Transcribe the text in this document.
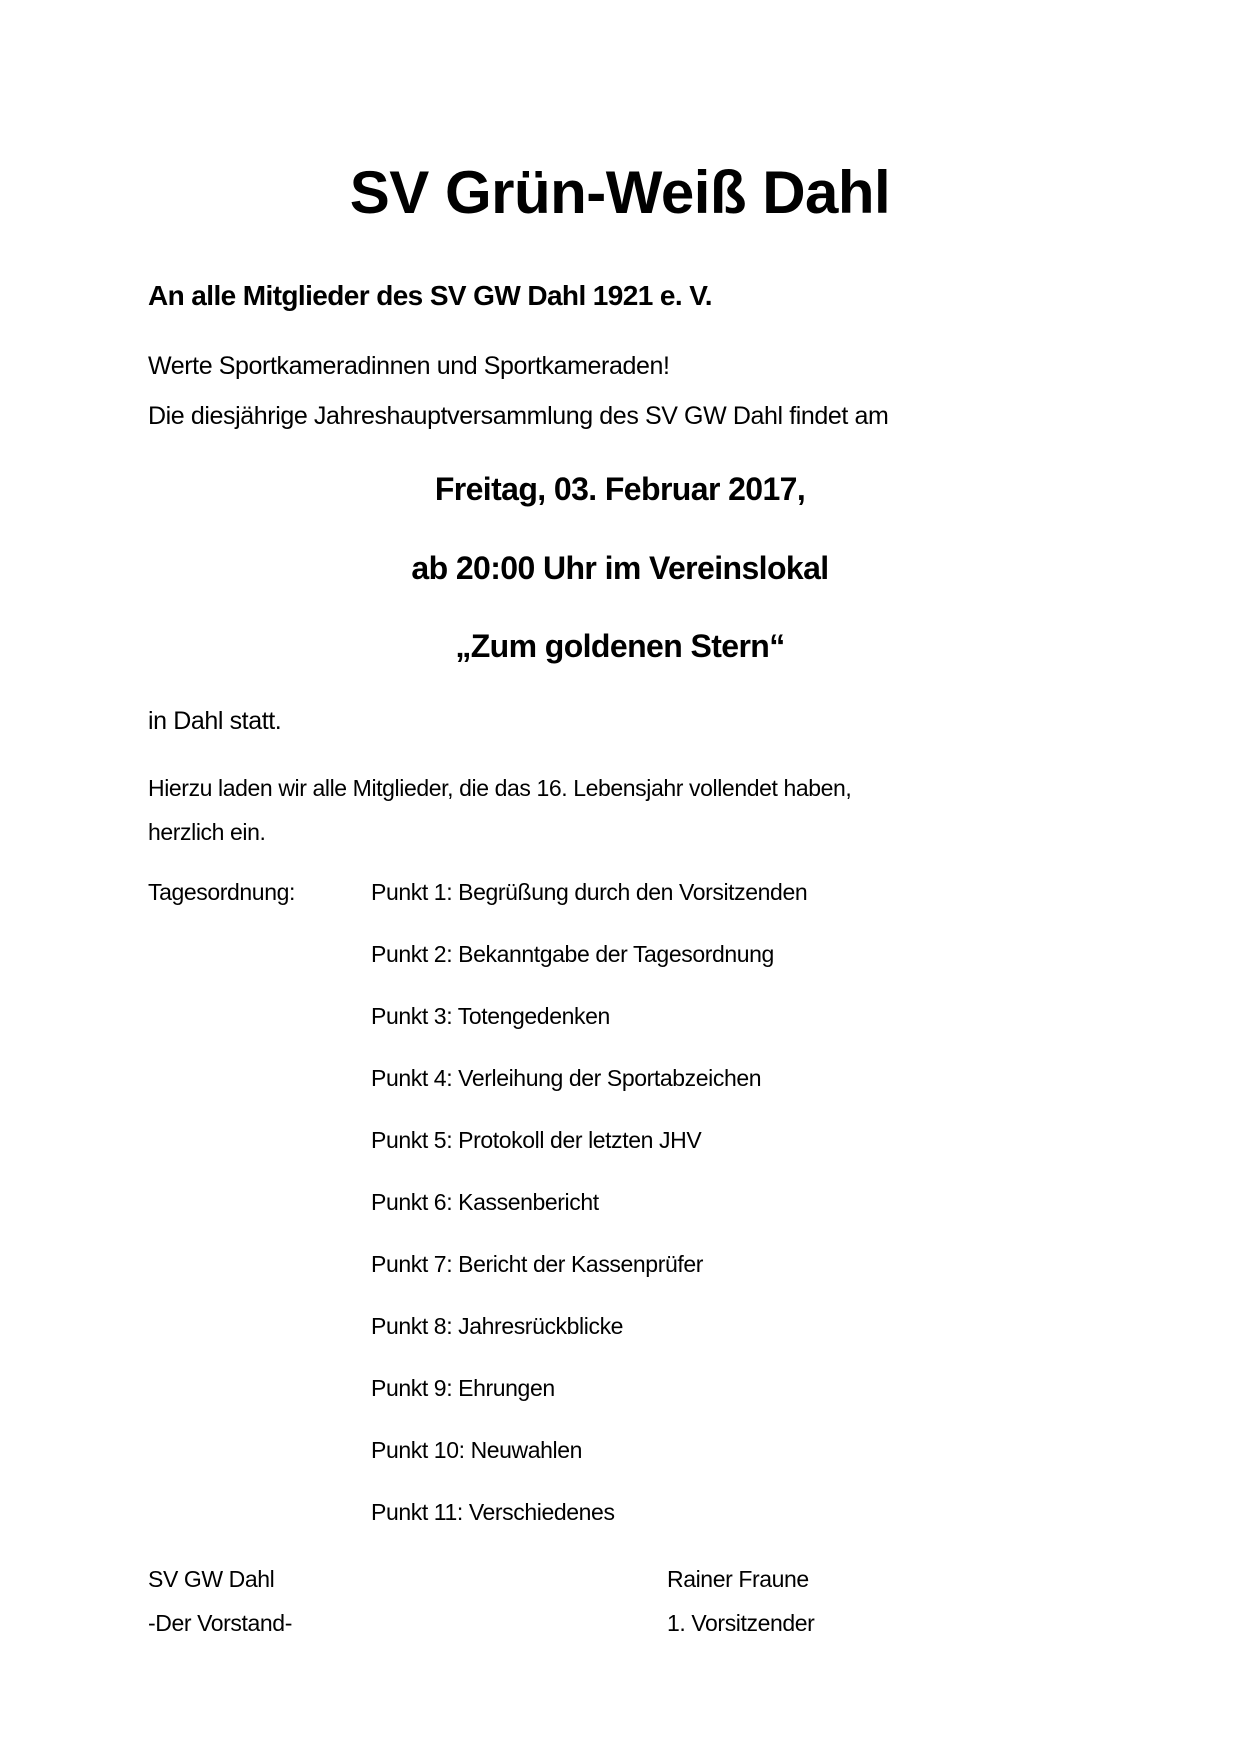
SV Grün-Weiß Dahl
An alle Mitglieder des SV GW Dahl 1921 e. V.
Werte Sportkameradinnen und Sportkameraden!
Die diesjährige Jahreshauptversammlung des SV GW Dahl findet am
Freitag, 03. Februar 2017,
ab 20:00 Uhr im Vereinslokal
„Zum goldenen Stern“
in Dahl statt.
Hierzu laden wir alle Mitglieder, die das 16. Lebensjahr vollendet haben,
herzlich ein.
Tagesordnung:	Punkt 1: Begrüßung durch den Vorsitzenden
Punkt 2: Bekanntgabe der Tagesordnung
Punkt 3: Totengedenken
Punkt 4: Verleihung der Sportabzeichen
Punkt 5: Protokoll der letzten JHV
Punkt 6: Kassenbericht
Punkt 7: Bericht der Kassenprüfer
Punkt 8: Jahresrückblicke
Punkt 9: Ehrungen
Punkt 10: Neuwahlen
Punkt 11: Verschiedenes
SV GW Dahl
-Der Vorstand-
Rainer Fraune
1. Vorsitzender
